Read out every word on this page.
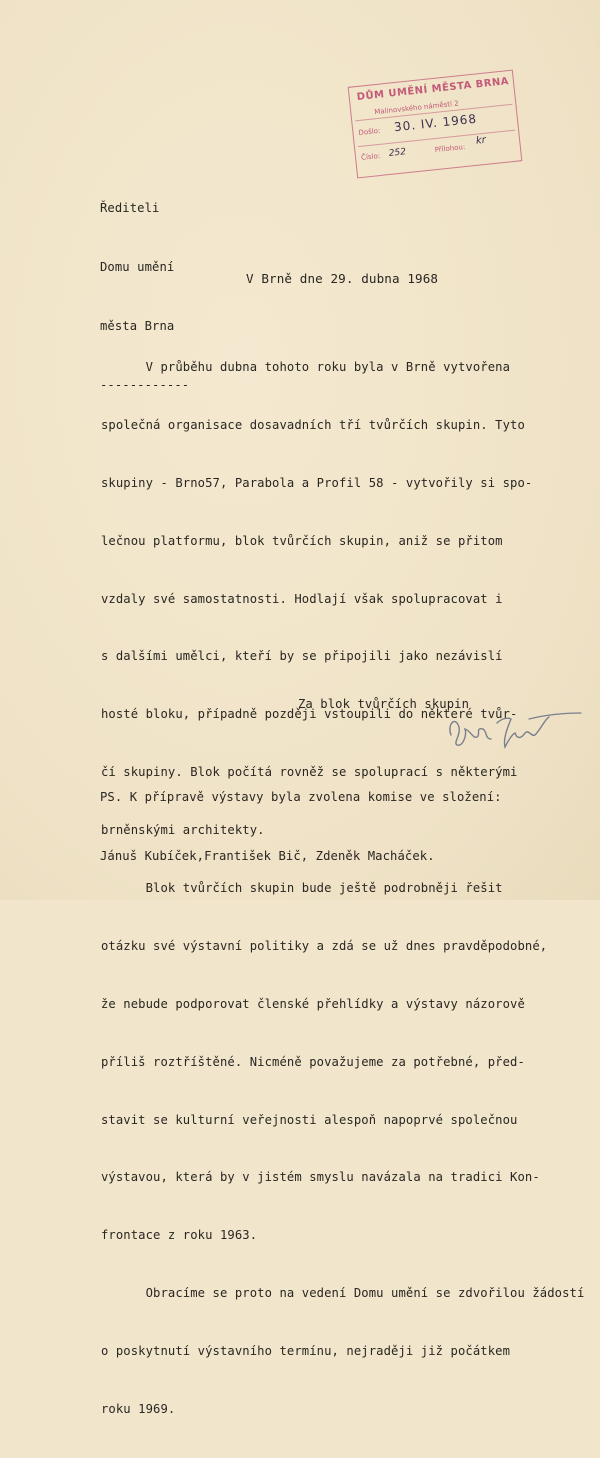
DŮM UMĚNÍ MĚSTA BRNA
Malinovského náměstí 2
Došlo: 30. IV. 1968
Číslo: 252	Přílohou:
kr

Řediteli

Domu umění

města Brna

------------

V Brně dne 29. dubna 1968

V průběhu dubna tohoto roku byla v Brně vytvořena

společná organisace dosavadních tří tvůrčích skupin. Tyto

skupiny - Brno57, Parabola a Profil 58 - vytvořily si spo-

lečnou platformu, blok tvůrčích skupin, aniž se přitom

vzdaly své samostatnosti. Hodlají však spolupracovat i

s dalšími umělci, kteří by se připojili jako nezávislí

hosté bloku, případně později vstoupili do některé tvůr-

čí skupiny. Blok počítá rovněž se spoluprací s některými

brněnskými architekty.

Blok tvůrčích skupin bude ještě podrobněji řešit

otázku své výstavní politiky a zdá se už dnes pravděpodobné,

že nebude podporovat členské přehlídky a výstavy názorově

příliš roztříštěné. Nicméně považujeme za potřebné, před-

stavit se kulturní veřejnosti alespoň napoprvé společnou

výstavou, která by v jistém smyslu navázala na tradici Kon-

frontace z roku 1963.

Obracíme se proto na vedení Domu umění se zdvořilou žádostí

o poskytnutí výstavního termínu, nejraději již počátkem

roku 1969.

Za blok tvůrčích skupin

PS. K přípravě výstavy byla zvolena komise ve složení:

Jánuš Kubíček,František Bič, Zdeněk Macháček.
